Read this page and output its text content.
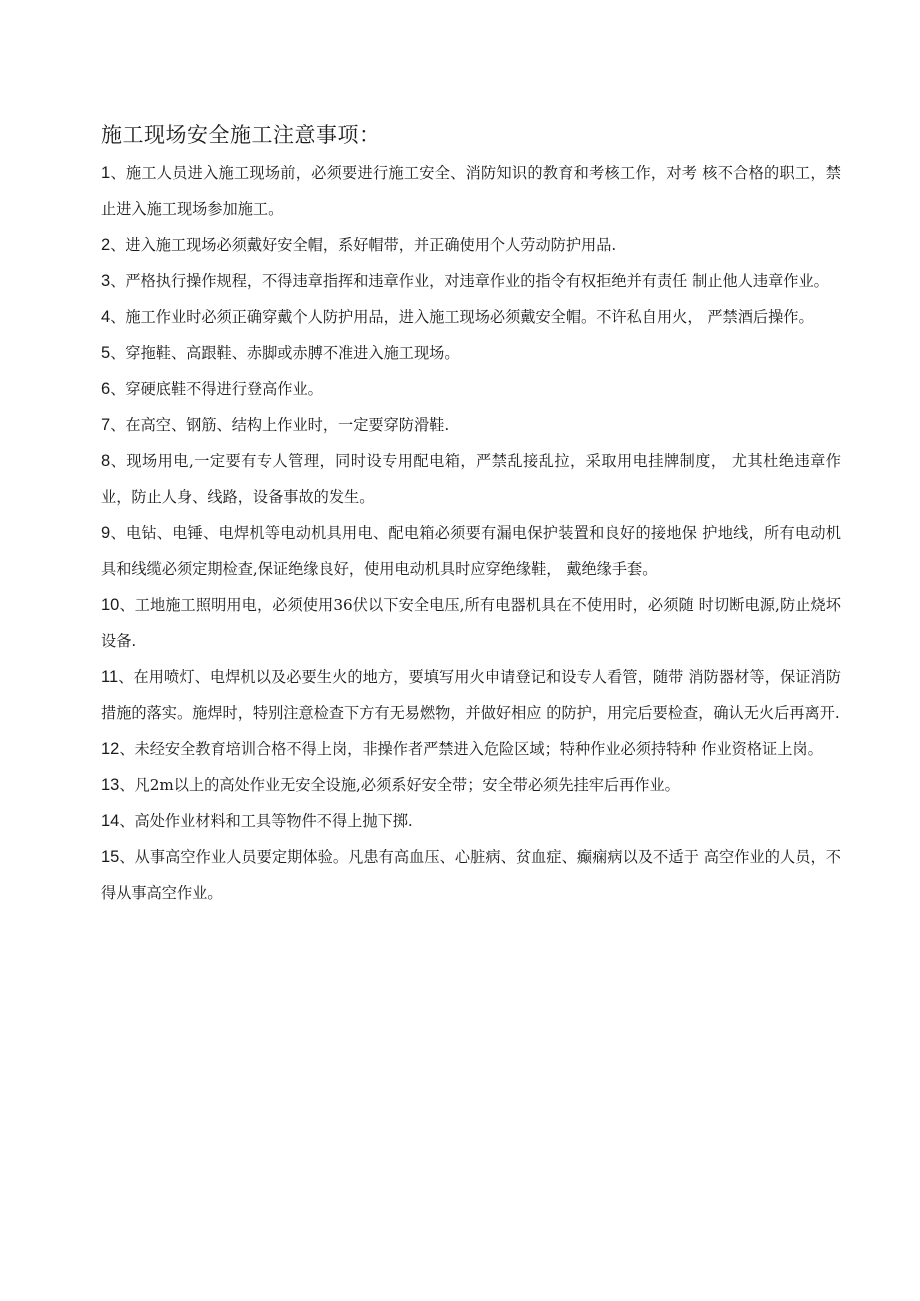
施工现场安全施工注意事项：

1、施工人员进入施工现场前，必须要进行施工安全、消防知识的教育和考核工作，对考 核不合格的职工，禁止进入施工现场参加施工。

2、进入施工现场必须戴好安全帽，系好帽带，并正确使用个人劳动防护用品.

3、严格执行操作规程，不得违章指挥和违章作业，对违章作业的指令有权拒绝并有责任 制止他人违章作业。

4、施工作业时必须正确穿戴个人防护用品，进入施工现场必须戴安全帽。不许私自用火， 严禁酒后操作。

5、穿拖鞋、高跟鞋、赤脚或赤膊不准进入施工现场。

6、穿硬底鞋不得进行登高作业。

7、在高空、钢筋、结构上作业时，一定要穿防滑鞋.

8、现场用电,一定要有专人管理，同时设专用配电箱，严禁乱接乱拉，采取用电挂牌制度， 尤其杜绝违章作业，防止人身、线路，设备事故的发生。

9、电钻、电锤、电焊机等电动机具用电、配电箱必须要有漏电保护装置和良好的接地保 护地线，所有电动机具和线缆必须定期检查,保证绝缘良好，使用电动机具时应穿绝缘鞋， 戴绝缘手套。

10、工地施工照明用电，必须使用36伏以下安全电压,所有电器机具在不使用时，必须随 时切断电源,防止烧坏设备.

11、在用喷灯、电焊机以及必要生火的地方，要填写用火申请登记和设专人看管，随带 消防器材等，保证消防措施的落实。施焊时，特别注意检查下方有无易燃物，并做好相应 的防护，用完后要检查，确认无火后再离开.

12、未经安全教育培训合格不得上岗，非操作者严禁进入危险区域；特种作业必须持特种 作业资格证上岗。

13、凡2m以上的高处作业无安全设施,必须系好安全带；安全带必须先挂牢后再作业。

14、高处作业材料和工具等物件不得上抛下掷.

15、从事高空作业人员要定期体验。凡患有高血压、心脏病、贫血症、癫痫病以及不适于 高空作业的人员，不得从事高空作业。
